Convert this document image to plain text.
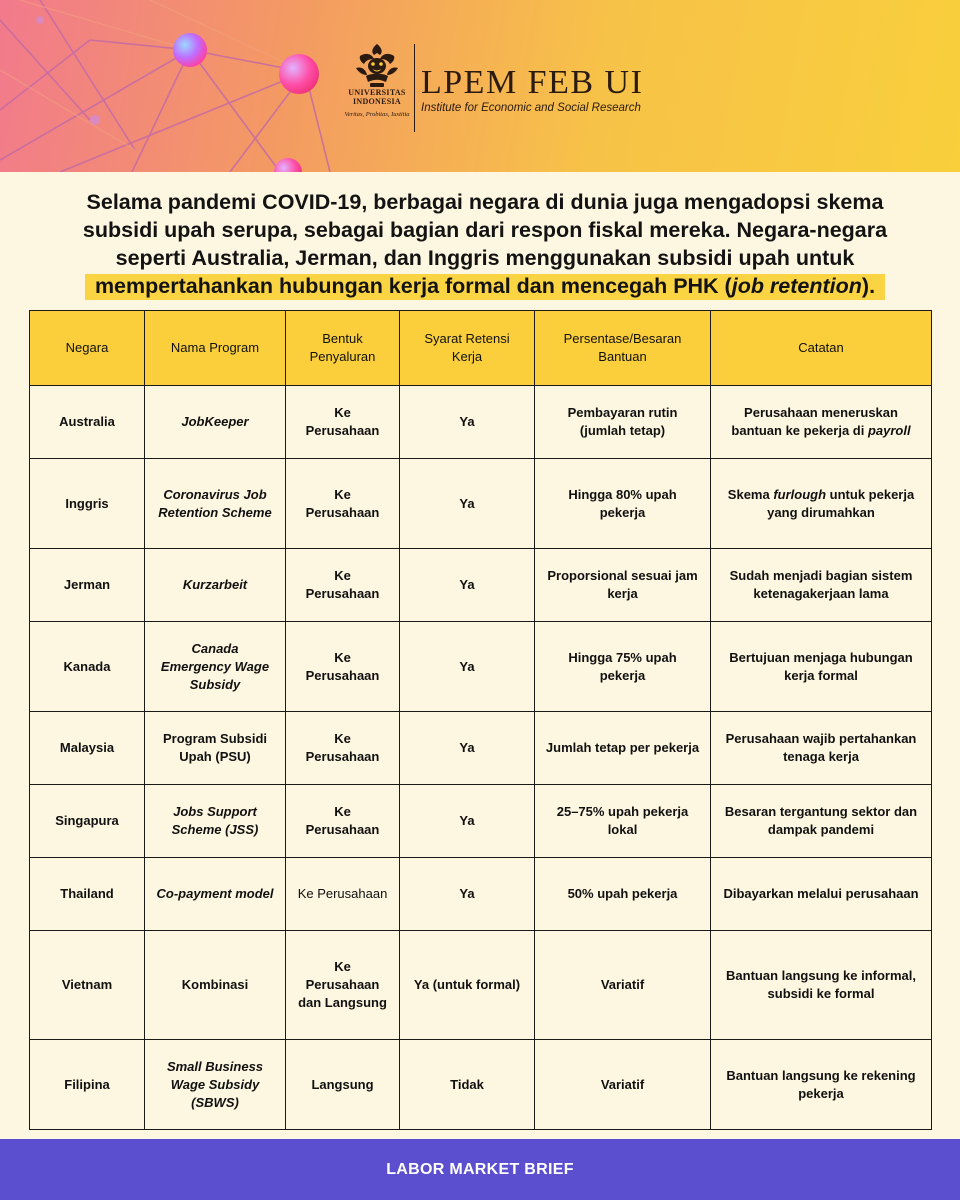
UNIVERSITAS
INDONESIA
Veritas, Probitas, Iustitia
LPEM FEB UI
Institute for Economic and Social Research
Selama pandemi COVID-19, berbagai negara di dunia juga mengadopsi skema
subsidi upah serupa, sebagai bagian dari respon fiskal mereka. Negara-negara
seperti Australia, Jerman, dan Inggris menggunakan subsidi upah untuk
mempertahankan hubungan kerja formal dan mencegah PHK (job retention).
Negara	Nama Program	Bentuk Penyaluran	Syarat Retensi Kerja	Persentase/Besaran Bantuan	Catatan
Australia	JobKeeper	Ke Perusahaan	Ya	Pembayaran rutin (jumlah tetap)	Perusahaan meneruskan bantuan ke pekerja di payroll
Inggris	Coronavirus Job Retention Scheme	Ke Perusahaan	Ya	Hingga 80% upah pekerja	Skema furlough untuk pekerja yang dirumahkan
Jerman	Kurzarbeit	Ke Perusahaan	Ya	Proporsional sesuai jam kerja	Sudah menjadi bagian sistem ketenagakerjaan lama
Kanada	Canada Emergency Wage Subsidy	Ke Perusahaan	Ya	Hingga 75% upah pekerja	Bertujuan menjaga hubungan kerja formal
Malaysia	Program Subsidi Upah (PSU)	Ke Perusahaan	Ya	Jumlah tetap per pekerja	Perusahaan wajib pertahankan tenaga kerja
Singapura	Jobs Support Scheme (JSS)	Ke Perusahaan	Ya	25–75% upah pekerja lokal	Besaran tergantung sektor dan dampak pandemi
Thailand	Co-payment model	Ke Perusahaan	Ya	50% upah pekerja	Dibayarkan melalui perusahaan
Vietnam	Kombinasi	Ke Perusahaan dan Langsung	Ya (untuk formal)	Variatif	Bantuan langsung ke informal, subsidi ke formal
Filipina	Small Business Wage Subsidy (SBWS)	Langsung	Tidak	Variatif	Bantuan langsung ke rekening pekerja
LABOR MARKET BRIEF
